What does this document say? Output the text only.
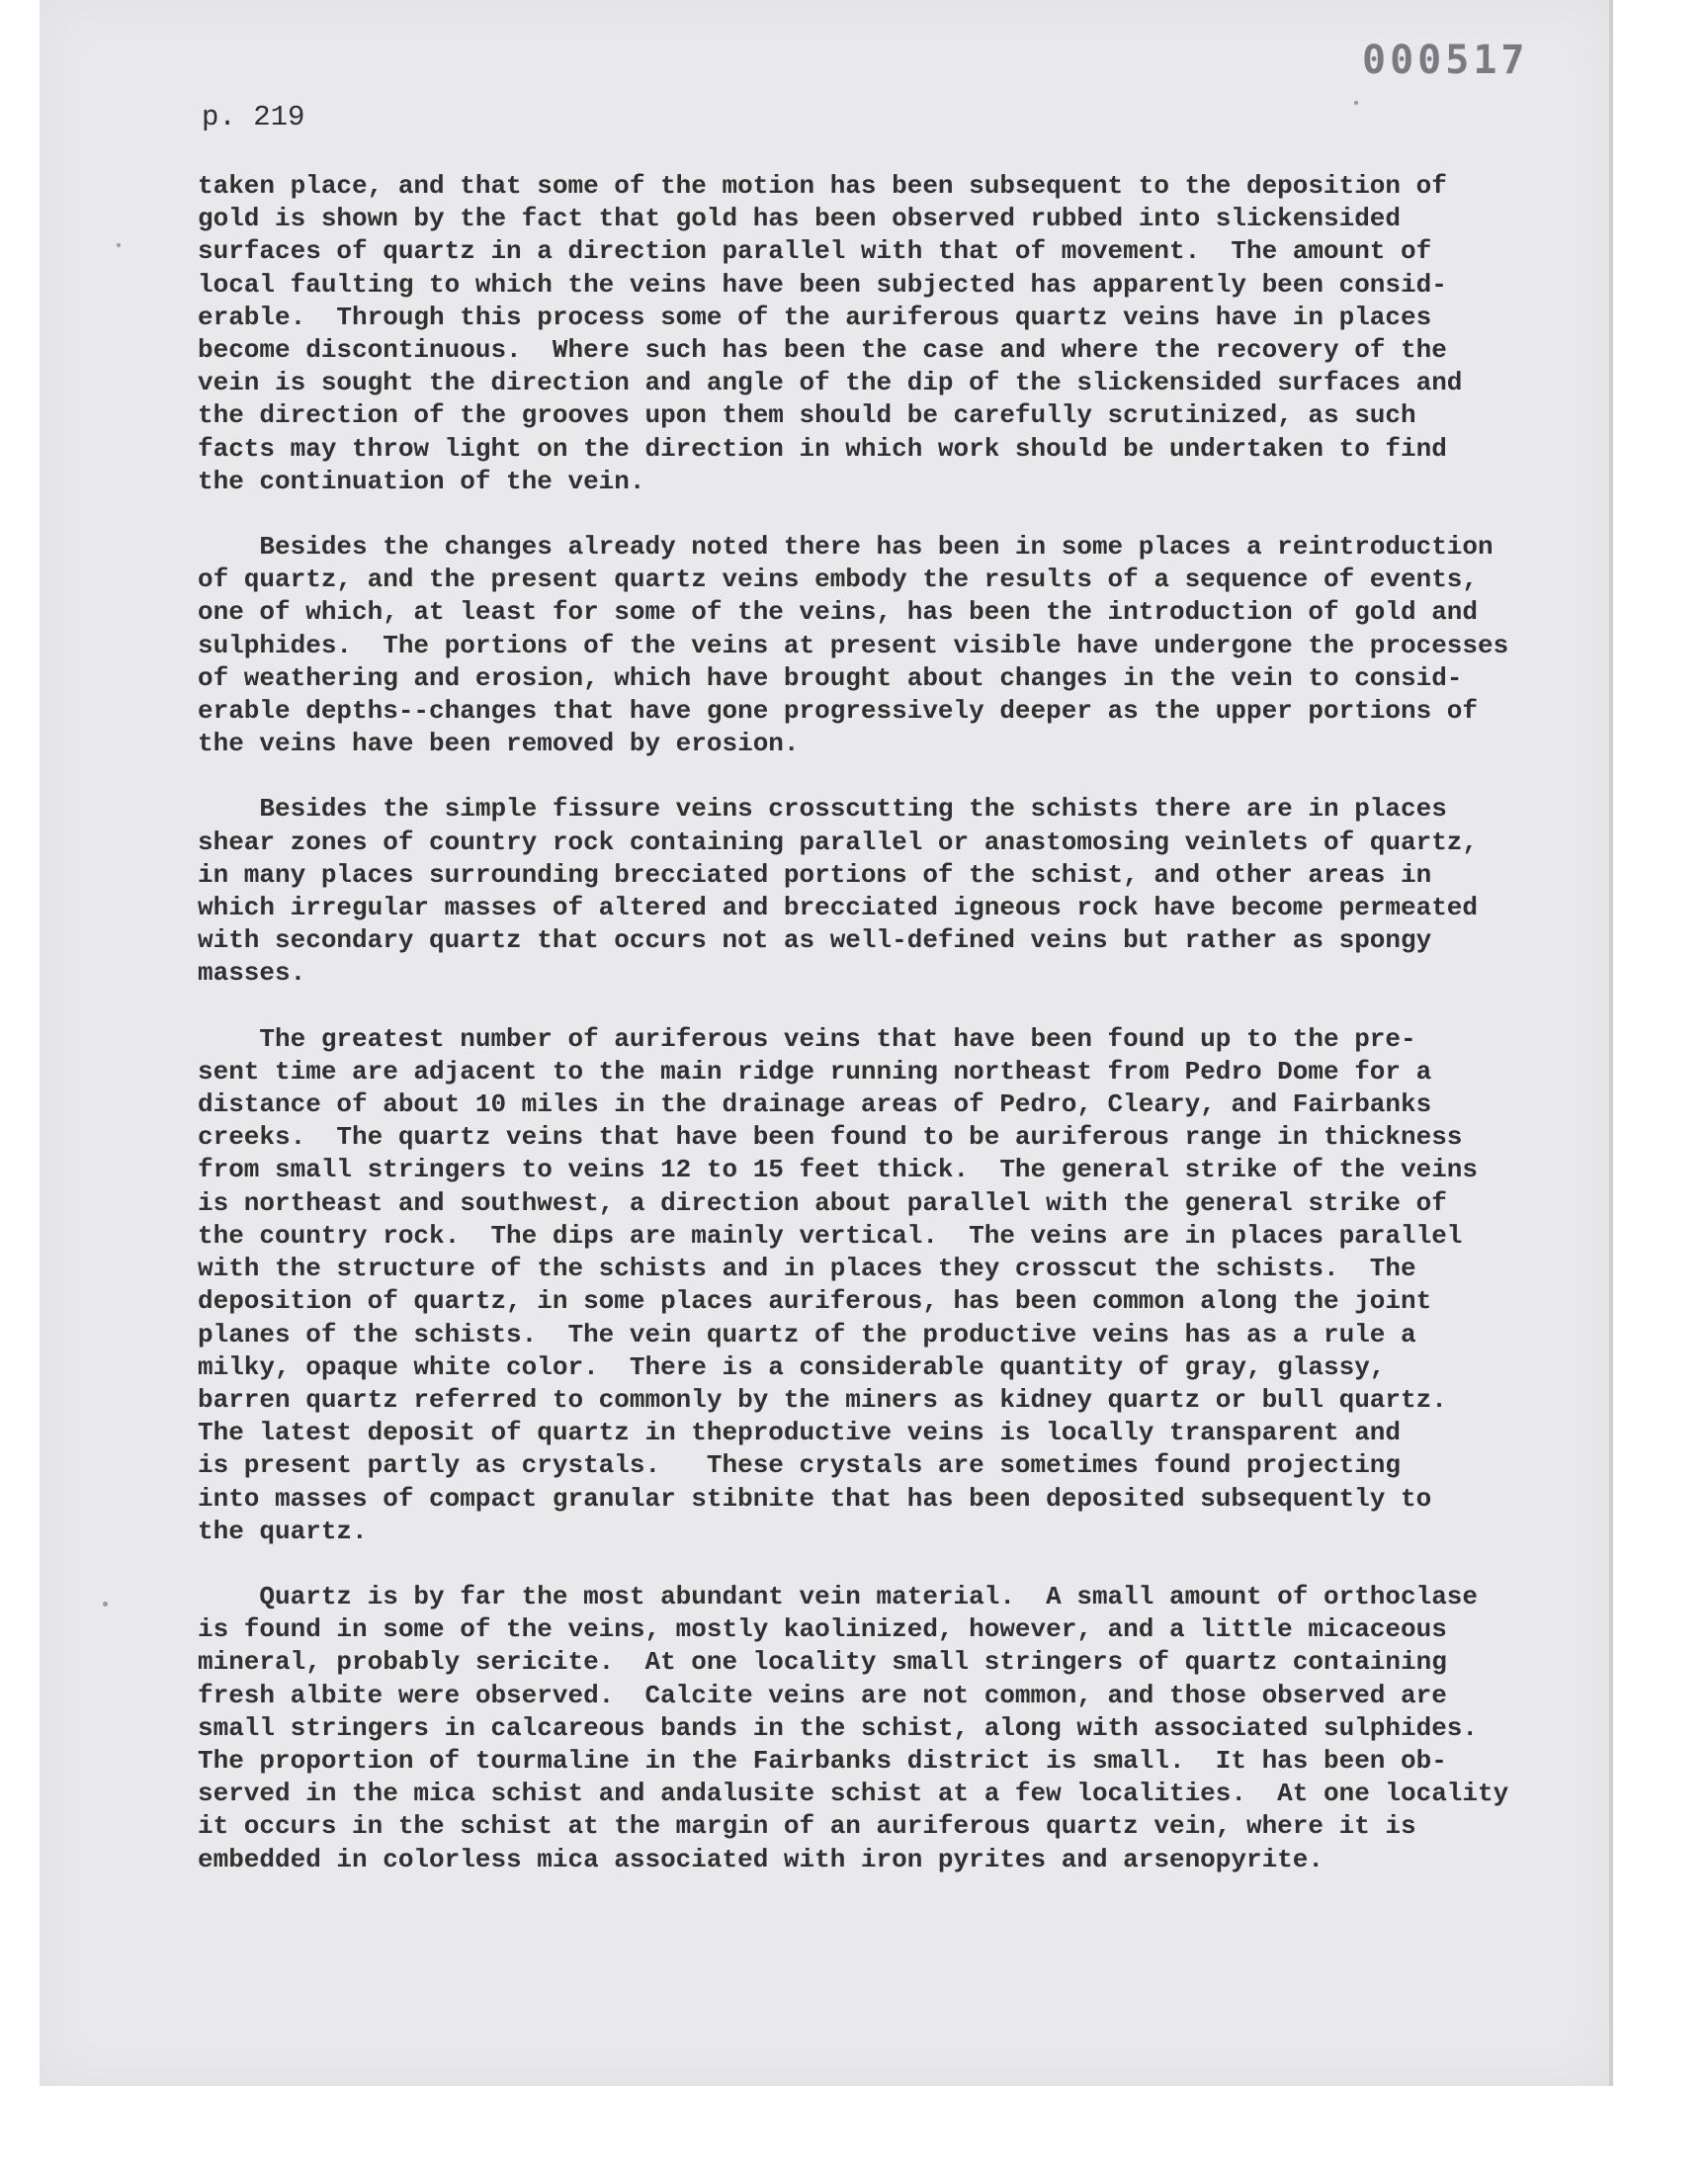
000517
p. 219
taken place, and that some of the motion has been subsequent to the deposition of
gold is shown by the fact that gold has been observed rubbed into slickensided
surfaces of quartz in a direction parallel with that of movement.  The amount of
local faulting to which the veins have been subjected has apparently been consid-
erable.  Through this process some of the auriferous quartz veins have in places
become discontinuous.  Where such has been the case and where the recovery of the
vein is sought the direction and angle of the dip of the slickensided surfaces and
the direction of the grooves upon them should be carefully scrutinized, as such
facts may throw light on the direction in which work should be undertaken to find
the continuation of the vein.
Besides the changes already noted there has been in some places a reintroduction
of quartz, and the present quartz veins embody the results of a sequence of events,
one of which, at least for some of the veins, has been the introduction of gold and
sulphides.  The portions of the veins at present visible have undergone the processes
of weathering and erosion, which have brought about changes in the vein to consid-
erable depths--changes that have gone progressively deeper as the upper portions of
the veins have been removed by erosion.
Besides the simple fissure veins crosscutting the schists there are in places
shear zones of country rock containing parallel or anastomosing veinlets of quartz,
in many places surrounding brecciated portions of the schist, and other areas in
which irregular masses of altered and brecciated igneous rock have become permeated
with secondary quartz that occurs not as well-defined veins but rather as spongy
masses.
The greatest number of auriferous veins that have been found up to the pre-
sent time are adjacent to the main ridge running northeast from Pedro Dome for a
distance of about 10 miles in the drainage areas of Pedro, Cleary, and Fairbanks
creeks.  The quartz veins that have been found to be auriferous range in thickness
from small stringers to veins 12 to 15 feet thick.  The general strike of the veins
is northeast and southwest, a direction about parallel with the general strike of
the country rock.  The dips are mainly vertical.  The veins are in places parallel
with the structure of the schists and in places they crosscut the schists.  The
deposition of quartz, in some places auriferous, has been common along the joint
planes of the schists.  The vein quartz of the productive veins has as a rule a
milky, opaque white color.  There is a considerable quantity of gray, glassy,
barren quartz referred to commonly by the miners as kidney quartz or bull quartz.
The latest deposit of quartz in theproductive veins is locally transparent and
is present partly as crystals.   These crystals are sometimes found projecting
into masses of compact granular stibnite that has been deposited subsequently to
the quartz.
Quartz is by far the most abundant vein material.  A small amount of orthoclase
is found in some of the veins, mostly kaolinized, however, and a little micaceous
mineral, probably sericite.  At one locality small stringers of quartz containing
fresh albite were observed.  Calcite veins are not common, and those observed are
small stringers in calcareous bands in the schist, along with associated sulphides.
The proportion of tourmaline in the Fairbanks district is small.  It has been ob-
served in the mica schist and andalusite schist at a few localities.  At one locality
it occurs in the schist at the margin of an auriferous quartz vein, where it is
embedded in colorless mica associated with iron pyrites and arsenopyrite.
